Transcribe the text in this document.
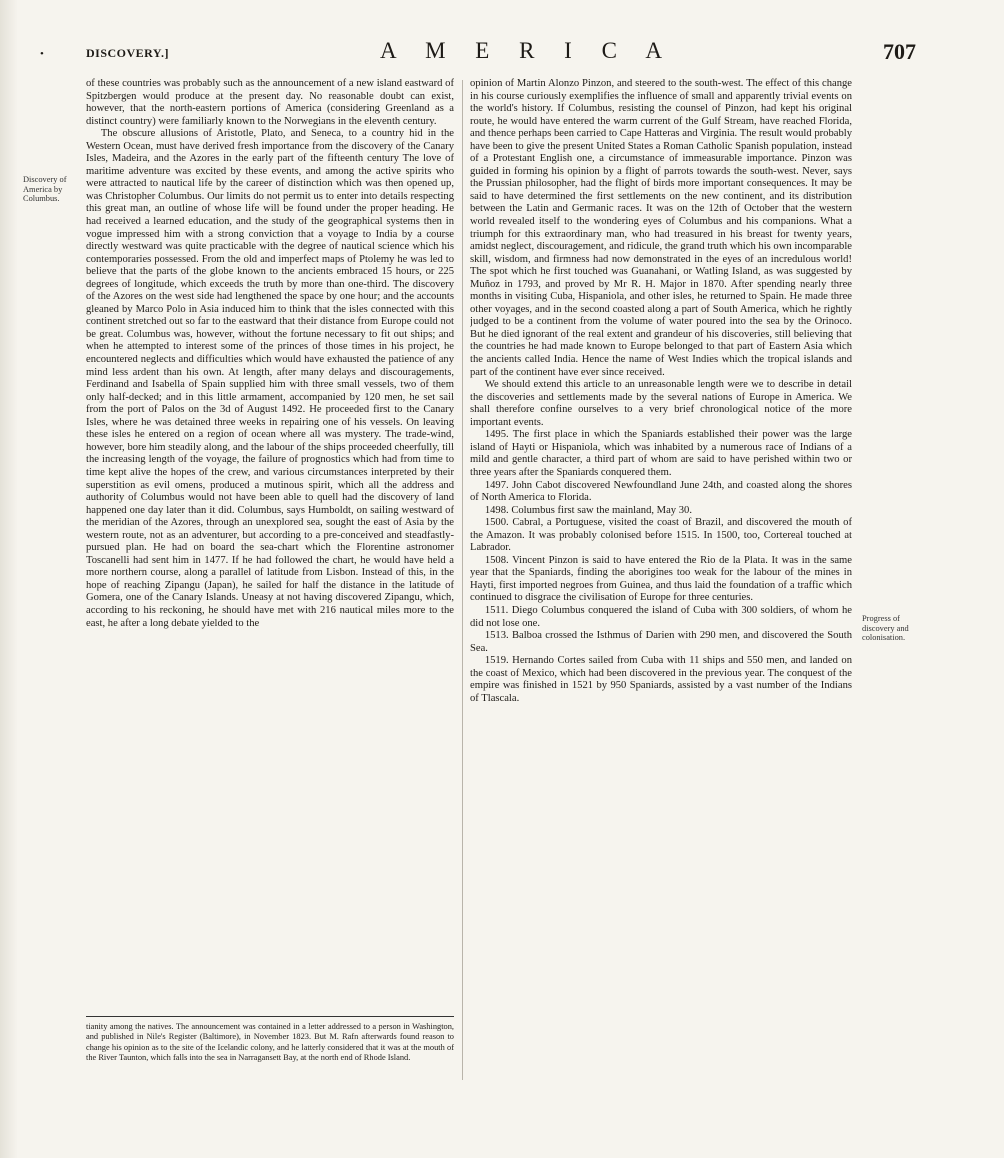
•	DISCOVERY.]	A M E R I C A	707
Discovery of America by Columbus.

of these countries was probably such as the announcement of a new island eastward of Spitzbergen would produce at the present day. No reasonable doubt can exist, however, that the north-eastern portions of America (considering Greenland as a distinct country) were familiarly known to the Norwegians in the eleventh century.

The obscure allusions of Aristotle, Plato, and Seneca, to a country hid in the Western Ocean, must have derived fresh importance from the discovery of the Canary Isles, Madeira, and the Azores in the early part of the fifteenth century The love of maritime adventure was excited by these events, and among the active spirits who were attracted to nautical life by the career of distinction which was then opened up, was Christopher Columbus. Our limits do not permit us to enter into details respecting this great man, an outline of whose life will be found under the proper heading. He had received a learned education, and the study of the geographical systems then in vogue impressed him with a strong conviction that a voyage to India by a course directly westward was quite practicable with the degree of nautical science which his contemporaries possessed. From the old and imperfect maps of Ptolemy he was led to believe that the parts of the globe known to the ancients embraced 15 hours, or 225 degrees of longitude, which exceeds the truth by more than one-third. The discovery of the Azores on the west side had lengthened the space by one hour; and the accounts gleaned by Marco Polo in Asia induced him to think that the isles connected with this continent stretched out so far to the eastward that their distance from Europe could not be great. Columbus was, however, without the fortune necessary to fit out ships; and when he attempted to interest some of the princes of those times in his project, he encountered neglects and difficulties which would have exhausted the patience of any mind less ardent than his own. At length, after many delays and discouragements, Ferdinand and Isabella of Spain supplied him with three small vessels, two of them only half-decked; and in this little armament, accompanied by 120 men, he set sail from the port of Palos on the 3d of August 1492. He proceeded first to the Canary Isles, where he was detained three weeks in repairing one of his vessels. On leaving these isles he entered on a region of ocean where all was mystery. The trade-wind, however, bore him steadily along, and the labour of the ships proceeded cheerfully, till the increasing length of the voyage, the failure of prognostics which had from time to time kept alive the hopes of the crew, and various circumstances interpreted by their superstition as evil omens, produced a mutinous spirit, which all the address and authority of Columbus would not have been able to quell had the discovery of land happened one day later than it did. Columbus, says Humboldt, on sailing westward of the meridian of the Azores, through an unexplored sea, sought the east of Asia by the western route, not as an adventurer, but according to a pre-conceived and steadfastly-pursued plan. He had on board the sea-chart which the Florentine astronomer Toscanelli had sent him in 1477. If he had followed the chart, he would have held a more northern course, along a parallel of latitude from Lisbon. Instead of this, in the hope of reaching Zipangu (Japan), he sailed for half the distance in the latitude of Gomera, one of the Canary Islands. Uneasy at not having discovered Zipangu, which, according to his reckoning, he should have met with 216 nautical miles more to the east, he after a long debate yielded to the

opinion of Martin Alonzo Pinzon, and steered to the south-west. The effect of this change in his course curiously exemplifies the influence of small and apparently trivial events on the world's history. If Columbus, resisting the counsel of Pinzon, had kept his original route, he would have entered the warm current of the Gulf Stream, have reached Florida, and thence perhaps been carried to Cape Hatteras and Virginia. The result would probably have been to give the present United States a Roman Catholic Spanish population, instead of a Protestant English one, a circumstance of immeasurable importance. Pinzon was guided in forming his opinion by a flight of parrots towards the south-west. Never, says the Prussian philosopher, had the flight of birds more important consequences. It may be said to have determined the first settlements on the new continent, and its distribution between the Latin and Germanic races. It was on the 12th of October that the western world revealed itself to the wondering eyes of Columbus and his companions. What a triumph for this extraordinary man, who had treasured in his breast for twenty years, amidst neglect, discouragement, and ridicule, the grand truth which his own incomparable skill, wisdom, and firmness had now demonstrated in the eyes of an incredulous world! The spot which he first touched was Guanahani, or Watling Island, as was suggested by Muñoz in 1793, and proved by Mr R. H. Major in 1870. After spending nearly three months in visiting Cuba, Hispaniola, and other isles, he returned to Spain. He made three other voyages, and in the second coasted along a part of South America, which he rightly judged to be a continent from the volume of water poured into the sea by the Orinoco. But he died ignorant of the real extent and grandeur of his discoveries, still believing that the countries he had made known to Europe belonged to that part of Eastern Asia which the ancients called India. Hence the name of West Indies which the tropical islands and part of the continent have ever since received.

We should extend this article to an unreasonable length were we to describe in detail the discoveries and settlements made by the several nations of Europe in America. We shall therefore confine ourselves to a very brief chronological notice of the more important events.

1495. The first place in which the Spaniards established their power was the large island of Hayti or Hispaniola, which was inhabited by a numerous race of Indians of a mild and gentle character, a third part of whom are said to have perished within two or three years after the Spaniards conquered them.

1497. John Cabot discovered Newfoundland June 24th, and coasted along the shores of North America to Florida.

1498. Columbus first saw the mainland, May 30.

1500. Cabral, a Portuguese, visited the coast of Brazil, and discovered the mouth of the Amazon. It was probably colonised before 1515. In 1500, too, Cortereal touched at Labrador.

1508. Vincent Pinzon is said to have entered the Rio de la Plata. It was in the same year that the Spaniards, finding the aborigines too weak for the labour of the mines in Hayti, first imported negroes from Guinea, and thus laid the foundation of a traffic which continued to disgrace the civilisation of Europe for three centuries.

1511. Diego Columbus conquered the island of Cuba with 300 soldiers, of whom he did not lose one.

1513. Balboa crossed the Isthmus of Darien with 290 men, and discovered the South Sea.

1519. Hernando Cortes sailed from Cuba with 11 ships and 550 men, and landed on the coast of Mexico, which had been discovered in the previous year. The conquest of the empire was finished in 1521 by 950 Spaniards, assisted by a vast number of the Indians of Tlascala.

Progress of discovery and colonisation.
tianity among the natives. The announcement was contained in a letter addressed to a person in Washington, and published in Nile's Register (Baltimore), in November 1823. But M. Rafn afterwards found reason to change his opinion as to the site of the Icelandic colony, and he latterly considered that it was at the mouth of the River Taunton, which falls into the sea in Narragansett Bay, at the north end of Rhode Island.
